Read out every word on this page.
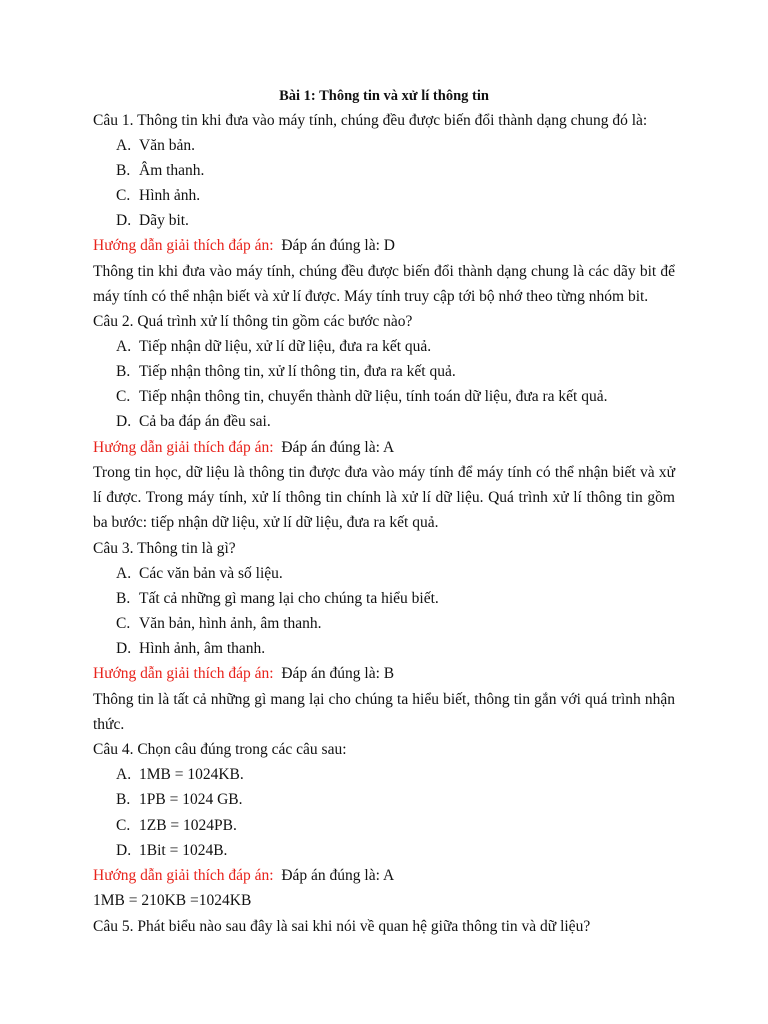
Bài 1: Thông tin và xử lí thông tin
Câu 1. Thông tin khi đưa vào máy tính, chúng đều được biến đổi thành dạng chung đó là:
A. Văn bản.
B. Âm thanh.
C. Hình ảnh.
D. Dãy bit.
Hướng dẫn giải thích đáp án: Đáp án đúng là: D
Thông tin khi đưa vào máy tính, chúng đều được biến đổi thành dạng chung là các dãy bit để
máy tính có thể nhận biết và xử lí được. Máy tính truy cập tới bộ nhớ theo từng nhóm bit.
Câu 2. Quá trình xử lí thông tin gồm các bước nào?
A. Tiếp nhận dữ liệu, xử lí dữ liệu, đưa ra kết quả.
B. Tiếp nhận thông tin, xử lí thông tin, đưa ra kết quả.
C. Tiếp nhận thông tin, chuyển thành dữ liệu, tính toán dữ liệu, đưa ra kết quả.
D. Cả ba đáp án đều sai.
Hướng dẫn giải thích đáp án: Đáp án đúng là: A
Trong tin học, dữ liệu là thông tin được đưa vào máy tính để máy tính có thể nhận biết và xử
lí được. Trong máy tính, xử lí thông tin chính là xử lí dữ liệu. Quá trình xử lí thông tin gồm
ba bước: tiếp nhận dữ liệu, xử lí dữ liệu, đưa ra kết quả.
Câu 3. Thông tin là gì?
A. Các văn bản và số liệu.
B. Tất cả những gì mang lại cho chúng ta hiểu biết.
C. Văn bản, hình ảnh, âm thanh.
D. Hình ảnh, âm thanh.
Hướng dẫn giải thích đáp án: Đáp án đúng là: B
Thông tin là tất cả những gì mang lại cho chúng ta hiểu biết, thông tin gắn với quá trình nhận
thức.
Câu 4. Chọn câu đúng trong các câu sau:
A. 1MB = 1024KB.
B. 1PB = 1024 GB.
C. 1ZB = 1024PB.
D. 1Bit = 1024B.
Hướng dẫn giải thích đáp án: Đáp án đúng là: A
1MB = 210KB =1024KB
Câu 5. Phát biểu nào sau đây là sai khi nói về quan hệ giữa thông tin và dữ liệu?
